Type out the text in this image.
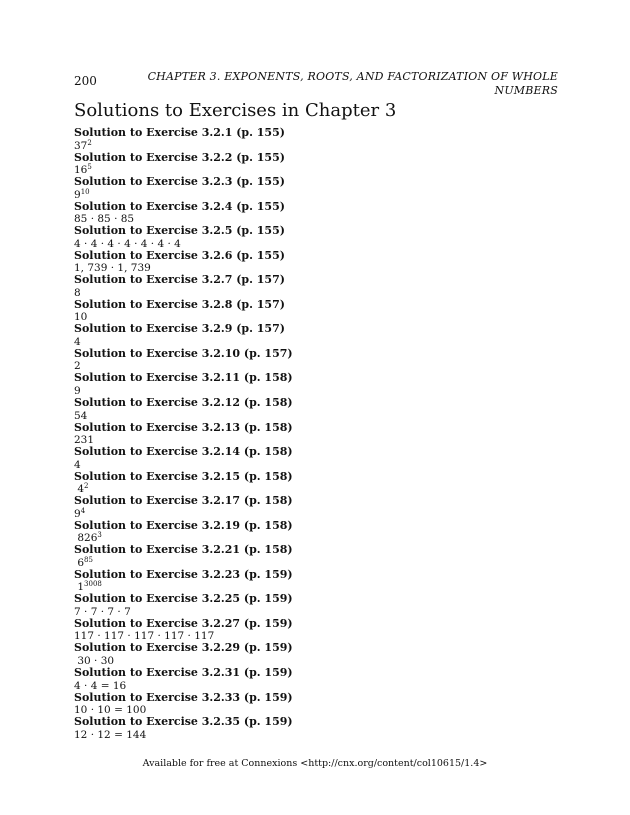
200	CHAPTER 3. EXPONENTS, ROOTS, AND FACTORIZATION OF WHOLE
NUMBERS
Solutions to Exercises in Chapter 3
Solution to Exercise 3.2.1 (p. 155)
$37^2$
Solution to Exercise 3.2.2 (p. 155)
$16^5$
Solution to Exercise 3.2.3 (p. 155)
$9^{10}$
Solution to Exercise 3.2.4 (p. 155)
85 · 85 · 85
Solution to Exercise 3.2.5 (p. 155)
4 · 4 · 4 · 4 · 4 · 4 · 4
Solution to Exercise 3.2.6 (p. 155)
1, 739 · 1, 739
Solution to Exercise 3.2.7 (p. 157)
8
Solution to Exercise 3.2.8 (p. 157)
10
Solution to Exercise 3.2.9 (p. 157)
4
Solution to Exercise 3.2.10 (p. 157)
2
Solution to Exercise 3.2.11 (p. 158)
9
Solution to Exercise 3.2.12 (p. 158)
54
Solution to Exercise 3.2.13 (p. 158)
231
Solution to Exercise 3.2.14 (p. 158)
4
Solution to Exercise 3.2.15 (p. 158)
$4^2$
Solution to Exercise 3.2.17 (p. 158)
$9^4$
Solution to Exercise 3.2.19 (p. 158)
$826^3$
Solution to Exercise 3.2.21 (p. 158)
$6^{85}$
Solution to Exercise 3.2.23 (p. 159)
$1^{3008}$
Solution to Exercise 3.2.25 (p. 159)
7 · 7 · 7 · 7
Solution to Exercise 3.2.27 (p. 159)
117 · 117 · 117 · 117 · 117
Solution to Exercise 3.2.29 (p. 159)
30 · 30
Solution to Exercise 3.2.31 (p. 159)
4 · 4 = 16
Solution to Exercise 3.2.33 (p. 159)
10 · 10 = 100
Solution to Exercise 3.2.35 (p. 159)
12 · 12 = 144
Available for free at Connexions <http://cnx.org/content/col10615/1.4>
